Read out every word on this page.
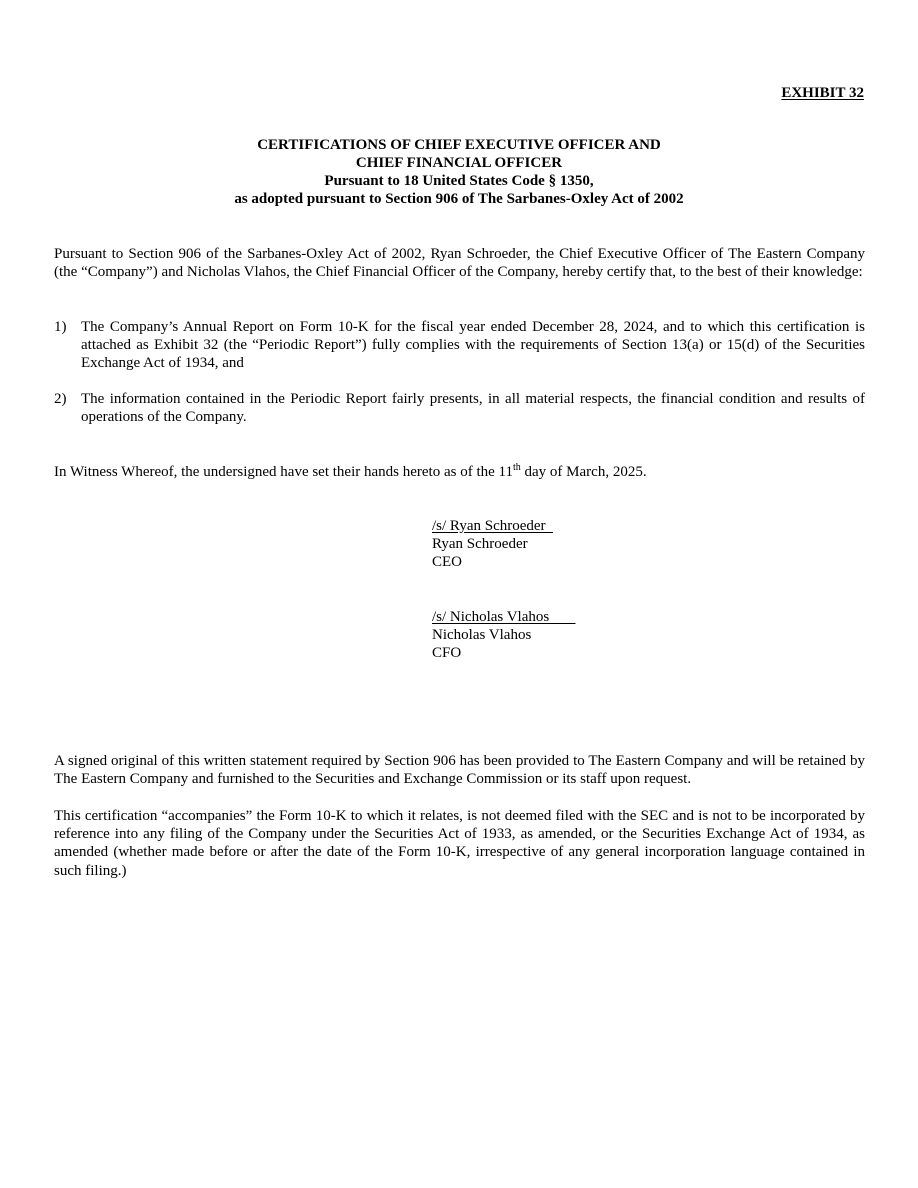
EXHIBIT 32
CERTIFICATIONS OF CHIEF EXECUTIVE OFFICER AND
CHIEF FINANCIAL OFFICER
Pursuant to 18 United States Code § 1350,
as adopted pursuant to Section 906 of The Sarbanes-Oxley Act of 2002
Pursuant to Section 906 of the Sarbanes-Oxley Act of 2002, Ryan Schroeder, the Chief Executive Officer of The Eastern Company (the “Company”) and Nicholas Vlahos, the Chief Financial Officer of the Company, hereby certify that, to the best of their knowledge:
1) The Company’s Annual Report on Form 10-K for the fiscal year ended December 28, 2024, and to which this certification is attached as Exhibit 32 (the “Periodic Report”) fully complies with the requirements of Section 13(a) or 15(d) of the Securities Exchange Act of 1934, and
2) The information contained in the Periodic Report fairly presents, in all material respects, the financial condition and results of operations of the Company.
In Witness Whereof, the undersigned have set their hands hereto as of the 11th day of March, 2025.
/s/ Ryan Schroeder
Ryan Schroeder
CEO
/s/ Nicholas Vlahos
Nicholas Vlahos
CFO
A signed original of this written statement required by Section 906 has been provided to The Eastern Company and will be retained by The Eastern Company and furnished to the Securities and Exchange Commission or its staff upon request.
This certification “accompanies” the Form 10-K to which it relates, is not deemed filed with the SEC and is not to be incorporated by reference into any filing of the Company under the Securities Act of 1933, as amended, or the Securities Exchange Act of 1934, as amended (whether made before or after the date of the Form 10-K, irrespective of any general incorporation language contained in such filing.)
